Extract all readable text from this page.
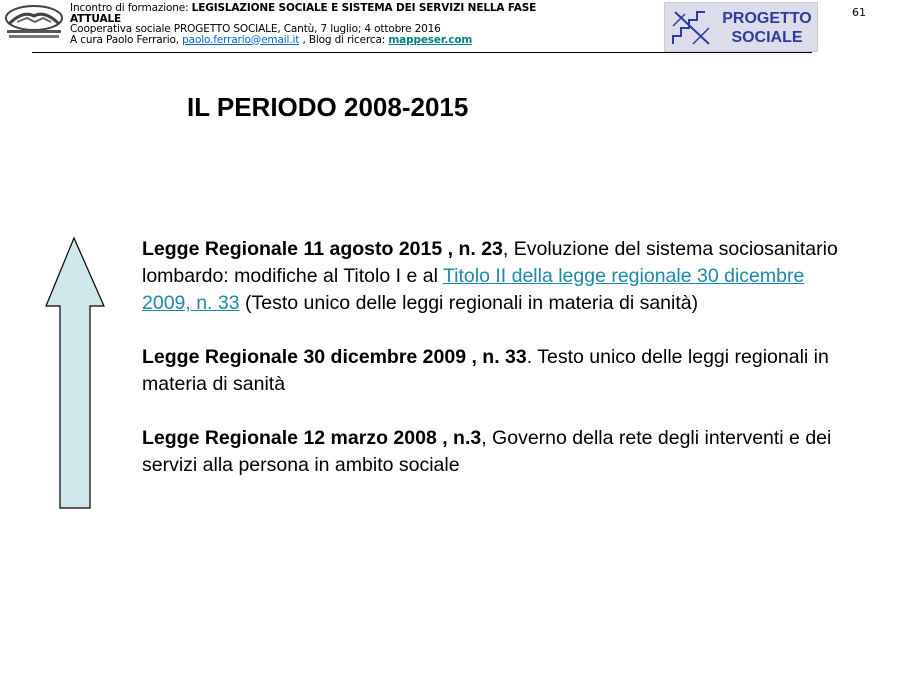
Incontro di formazione: LEGISLAZIONE SOCIALE E SISTEMA DEI SERVIZI NELLA FASE
ATTUALE
Cooperativa sociale PROGETTO SOCIALE, Cantù, 7 luglio; 4 ottobre 2016
A cura Paolo Ferrario, paolo.ferrario@email.it , Blog di ricerca: mappeser.com
PROGETTO
SOCIALE
61
IL PERIODO 2008-2015

Legge Regionale 11 agosto 2015 , n. 23, Evoluzione del sistema sociosanitario lombardo: modifiche al Titolo I e al Titolo II della legge regionale 30 dicembre 2009, n. 33 (Testo unico delle leggi regionali in materia di sanità)

Legge Regionale 30 dicembre 2009 , n. 33. Testo unico delle leggi regionali in materia di sanità

Legge Regionale 12 marzo 2008 , n.3, Governo della rete degli interventi e dei servizi alla persona in ambito sociale
